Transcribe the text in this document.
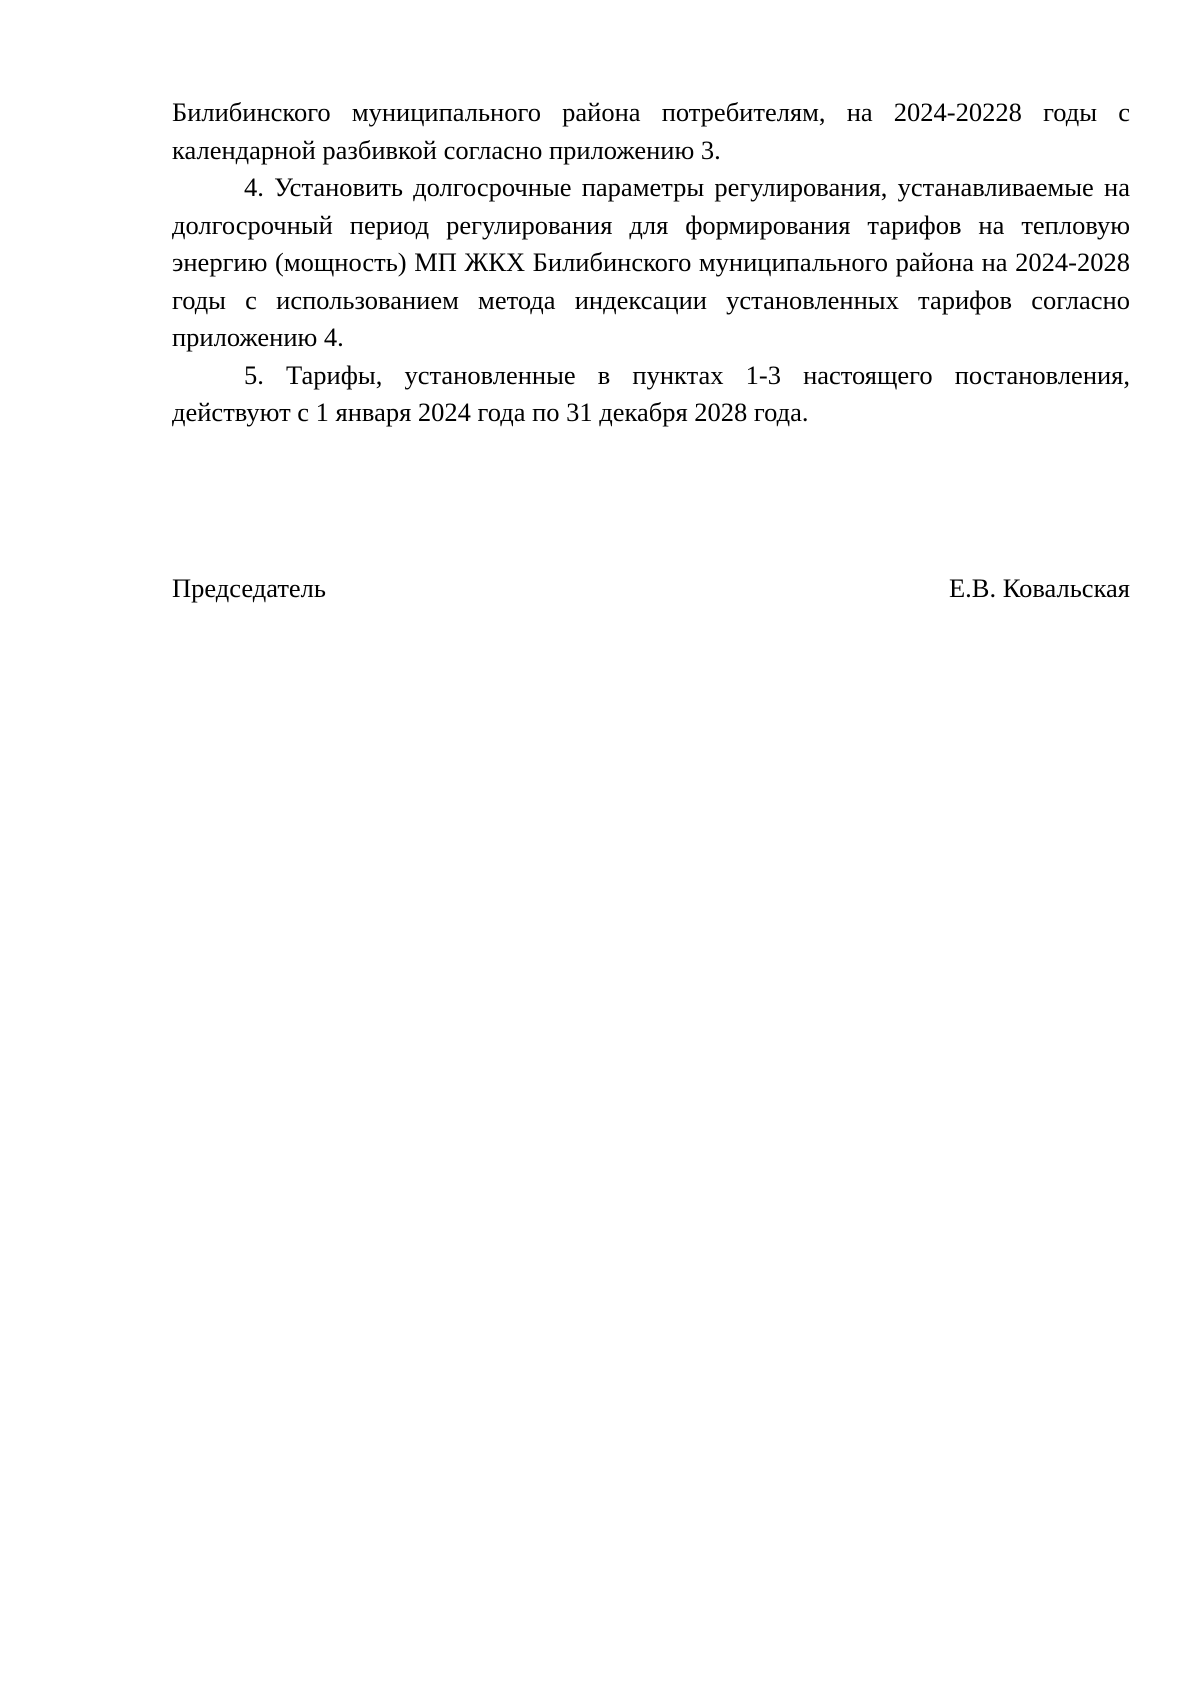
Билибинского муниципального района потребителям, на 2024-20228 годы с календарной разбивкой согласно приложению 3.

4. Установить долгосрочные параметры регулирования, устанавливаемые на долгосрочный период регулирования для формирования тарифов на тепловую энергию (мощность) МП ЖКХ Билибинского муниципального района на 2024-2028 годы с использованием метода индексации установленных тарифов согласно приложению 4.

5. Тарифы, установленные в пунктах 1-3 настоящего постановления, действуют с 1 января 2024 года по 31 декабря 2028 года.

Председатель	Е.В. Ковальская
